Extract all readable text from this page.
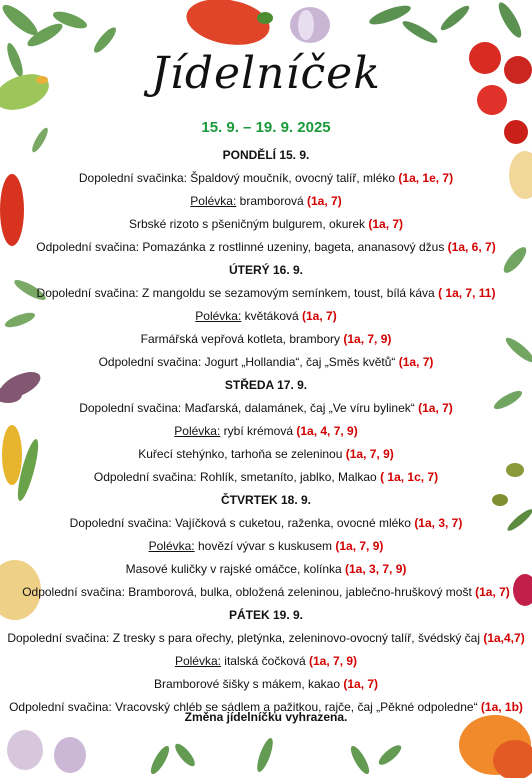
Jídelníček
15. 9. – 19. 9. 2025
PONDĚLÍ 15. 9.
Dopolední svačinka: Špaldový moučník, ovocný talíř, mléko (1a, 1e, 7)
Polévka: bramborová (1a, 7)
Srbské rizoto s pšeničným bulgurem, okurek (1a, 7)
Odpolední svačina: Pomazánka z rostlinné uzeniny, bageta, ananasový džus (1a, 6, 7)
ÚTERÝ 16. 9.
Dopolední svačina: Z mangoldu se sezamovým semínkem, toust, bílá káva ( 1a, 7, 11)
Polévka: květáková (1a, 7)
Farmářská vepřová kotleta, brambory (1a, 7, 9)
Odpolední svačina: Jogurt „Hollandia“, čaj „Směs květů“ (1a, 7)
STŘEDA 17. 9.
Dopolední svačina: Maďarská, dalamánek, čaj „Ve víru bylinek“ (1a, 7)
Polévka: rybí krémová (1a, 4, 7, 9)
Kuřecí stehýnko, tarhoňa se zeleninou (1a, 7, 9)
Odpolední svačina: Rohlík, smetaníto, jablko, Malkao ( 1a, 1c, 7)
ČTVRTEK 18. 9.
Dopolední svačina: Vajíčková s cuketou, raženka, ovocné mléko (1a, 3, 7)
Polévka: hovězí vývar s kuskusem (1a, 7, 9)
Masové kuličky v rajské omáčce, kolínka (1a, 3, 7, 9)
Odpolední svačina: Bramborová, bulka, obložená zeleninou, jablečno-hruškový mošt (1a, 7)
PÁTEK 19. 9.
Dopolední svačina: Z tresky s para ořechy, pletýnka, zeleninovo-ovocný talíř, švédský čaj (1a,4,7)
Polévka: italská čočková (1a, 7, 9)
Bramborové šišky s mákem, kakao (1a, 7)
Odpolední svačina: Vracovský chléb se sádlem a pažitkou, rajče, čaj „Pěkné odpoledne“ (1a, 1b)
Změna jídelníčku vyhrazena.
